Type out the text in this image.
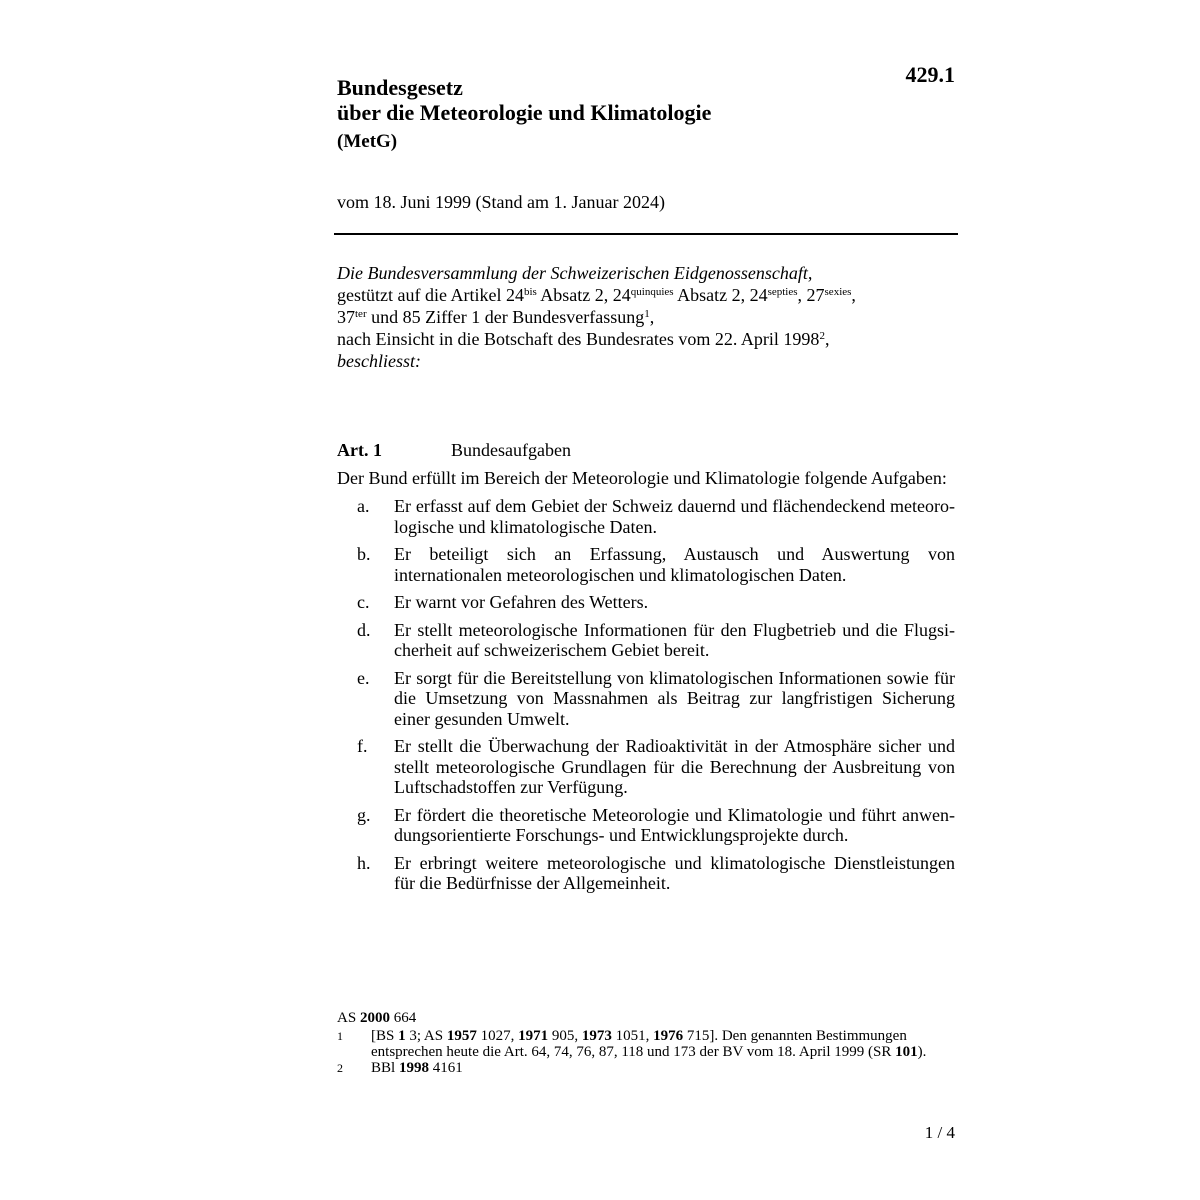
429.1
Bundesgesetz
über die Meteorologie und Klimatologie
(MetG)
vom 18. Juni 1999 (Stand am 1. Januar 2024)
Die Bundesversammlung der Schweizerischen Eidgenossenschaft,
gestützt auf die Artikel $24^{bis}$ Absatz 2, $24^{quinquies}$ Absatz 2, $24^{septies}$, $27^{sexies}$,
$37^{ter}$ und 85 Ziffer 1 der Bundesverfassung$^1$,
nach Einsicht in die Botschaft des Bundesrates vom 22. April 1998$^2$,
beschliesst:
Art. 1	Bundesaufgaben
Der Bund erfüllt im Bereich der Meteorologie und Klimatologie folgende Aufgaben:
a.	Er erfasst auf dem Gebiet der Schweiz dauernd und flächendeckend meteoro-logische und klimatologische Daten.
b.	Er beteiligt sich an Erfassung, Austausch und Auswertung von internationalen meteorologischen und klimatologischen Daten.
c.	Er warnt vor Gefahren des Wetters.
d.	Er stellt meteorologische Informationen für den Flugbetrieb und die Flugsi-cherheit auf schweizerischem Gebiet bereit.
e.	Er sorgt für die Bereitstellung von klimatologischen Informationen sowie für die Umsetzung von Massnahmen als Beitrag zur langfristigen Sicherung einer gesunden Umwelt.
f.	Er stellt die Überwachung der Radioaktivität in der Atmosphäre sicher und stellt meteorologische Grundlagen für die Berechnung der Ausbreitung von Luftschadstoffen zur Verfügung.
g.	Er fördert die theoretische Meteorologie und Klimatologie und führt anwen-dungsorientierte Forschungs- und Entwicklungsprojekte durch.
h.	Er erbringt weitere meteorologische und klimatologische Dienstleistungen für die Bedürfnisse der Allgemeinheit.
AS 2000 664
1	[BS 1 3; AS 1957 1027, 1971 905, 1973 1051, 1976 715]. Den genannten Bestimmungen entsprechen heute die Art. 64, 74, 76, 87, 118 und 173 der BV vom 18. April 1999 (SR 101).
2	BBl 1998 4161
1 / 4
